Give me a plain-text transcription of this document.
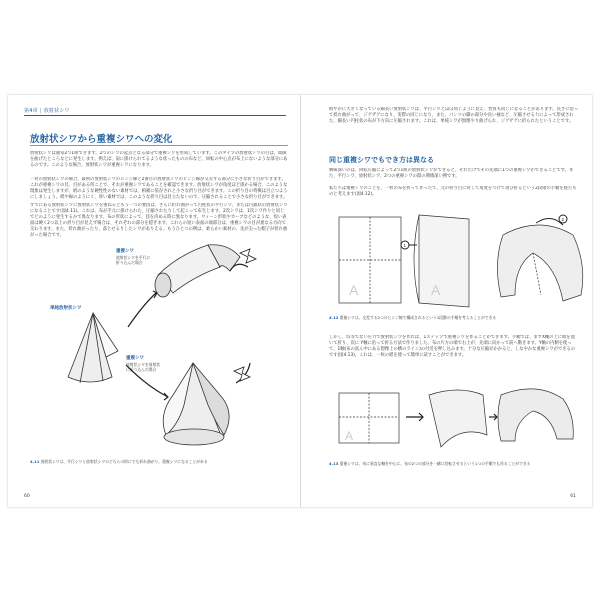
第4章 | 放射状シワ
放射状シワから重複シワへの変化
放射状シワは通常2つ1組できます。2つのシワの起点となる部分で重複シワを形成しています。このタイプの放射状シワの目は、間隙を曲げたところなどに発生します。例えば、肩に掛けられてるような状ったものの布など、回転の中心点が布上にないような部分にあるのです。このような場合、放射状シワが重複シワになります。
一対の放射状シワの場合、最初の放射状シワのヒンジ線と2番目の放射状シワのヒンジ線が交差する部分に小さな折り目ができます。これが重複シワの目。目がある所ことで、それが重複シワであることを確認できます。放射状シワが角度ほど掛かる場合、このような現象は発生しますが、紙のような硬性性のない素材では、相補に依存されと小さな折り目ができます。この折り目の特徴は目立つようにしましょう。紙や線のようにく、厚い素材では、このような折り目は目立たないので、圧縮されることで小さな折り目ができます。
すでにある放射状シワに放射状シワを重ねるともう一つの要因は、さらに折れ曲がって円柱状の平行シワ、または円錐状の放射状シワになることです(図4.11)。これは、布が手元に掛けられた、圧縮されたりして起こって布生じます。2次シワは、1次シワ作りと同じでどのように発生するかで異なります。布の形状によって、技を決める時に異なります。ウィーン形状やカーブなどのような、短い表面は硬く2つ以上の折り目が見えず場合は、それぞれの部分を隠ぎます。これらの短い表面の端部分は、重複シワの目が異なる方向で交わります。また、折れ曲がったり、落とせるりしたシワがありえる。もうひとつの例は、柔らかい素材の、先が尖った帽子が折れ曲がった場合です。
重複シワ
放射状シワを平行に
折り込んだ場合
単純放射状シワ
重複シワ
放射状シワを放射状
に折り込んだ場合
4.11 放射状シワは、平行シワと放射状シワのどちらの形にでも折れ曲がり、重複シワになることがある
60
紙やかに大きくなっている細長い放射状シワは、平行シワとほぼ同じように見え、性質も同じになることがあります。長さに沿って折れ曲がって、ジグザグになり、実際の同じになり、また、パンツの脚の部分や長い袖など、圧縮させる力によって形成された、細長い円柱状の布が下方向に圧縮されます。これは、単純シワが無理やり曲げられ、ジグザグに折られたということです。
同じ重複シワでもでき方は異なる
興味深いのは、回転圧縮によって2つ1組の放射状シワができると、それだけでその先端に1つの重複シワができることです。また、平行シワ、放射状シワ、2つの重複シワの間の関係深い例です。
私たちは重複シワのことを、一枚の布を折って作ったて、元の折り目に対して角度をつけて再び折るという2段階の手順を経たものと考えます(図4.12)。
A	A
1
2
A
4.12 重複シワは、交差する2つのヒンジ線で構成されるという2段階の手順を考えることができる
しかし、均等でない圧力で放射状シワを作れば、1ステップで重複シワを作ることができます。手順では、まずX軸の上に紙を置いて折り、次に Y軸に沿って折る方法で作りました。布の片方の端で右上が、先端に向かって前へ動きます。Y軸の内側を使って、1軸(布の真ん中にある想像上の横のライン)の付近を押し込みます。十分な圧縮がかかると、しなやかな重複シワができるのです(図4.13)。これは、一枚の紙を使って簡単に試すことができます。
4.13 重複シワは、布に垂直な軸を中心に、布の2つの部分を一緒に回転させるという1つの手順でも作ることができる
61
